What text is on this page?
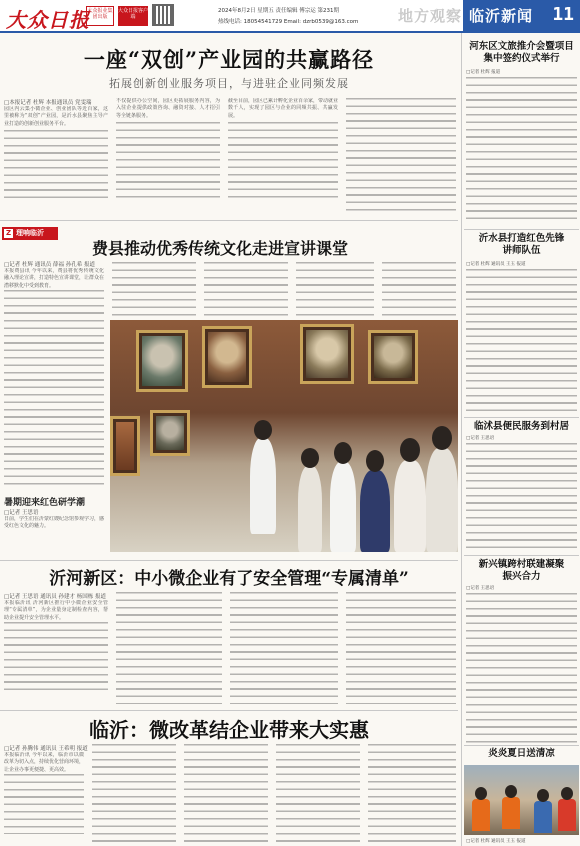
大众日报
大众报业集团出版
大众日报客户端
2024年8月2日 星期五 责任编辑 傅宗运 第231期
热线电话: 18054541729 Email: dzrb0539@163.com	地方观察 临沂新闻 11
一座“双创”产业园的共赢路径
拓展创新创业服务项目，与进驻企业同频发展
□本报记者 杜辉 本报通讯员 党雯瑞
园区内云集小微企业、创业团队等近百家，这里被称为“双创”产业园，是沂水县聚焦主导产业打造的创新创业服务平台。
不仅提供办公空间，园区更拓展服务内容，为入驻企业提供政策咨询、融资对接、人才招引等全链条服务。
截至目前，园区已累计孵化企业百余家，带动就业数千人，实现了园区与企业的同频共振、共赢发展。
Z 理响临沂
费县推动优秀传统文化走进宣讲课堂
□记者 杜辉 通讯员 薛福 孙孔希 报道
本报费县讯 今年以来，费县将优秀传统文化融入理论宣讲，打造特色宣讲课堂，让群众在潜移默化中受到教育。
暑期迎来红色研学潮
□记者 王思语
日前，学生们在沂蒙红嫂纪念馆参观学习，感受红色文化的魅力。
沂河新区：中小微企业有了安全管理“专属清单”
□记者 王思语 通讯员 孙建才 杨国栋 报道
本报临沂讯 沂河新区推行中小微企业安全管理“专属清单”，为企业量身定制检查内容，帮助企业提升安全管理水平。
临沂：微改革结企业带来大实惠
□记者 孙腾伟 通讯员 王希明 报道
本报临沂讯 今年以来，临沂市以微改革为切入点，持续优化营商环境，让企业办事更便捷、更高效。
河东区文旅推介会暨项目集中签约仪式举行
□记者 杜辉 报道
沂水县打造红色先锋讲师队伍
□记者 杜辉 通讯员 王玉 报道
临沭县便民服务到村居
□记者 王思语
新兴镇跨村联建凝聚振兴合力
□记者 王思语
炎炎夏日送清凉
□记者 杜辉 通讯员 王玉 报道
